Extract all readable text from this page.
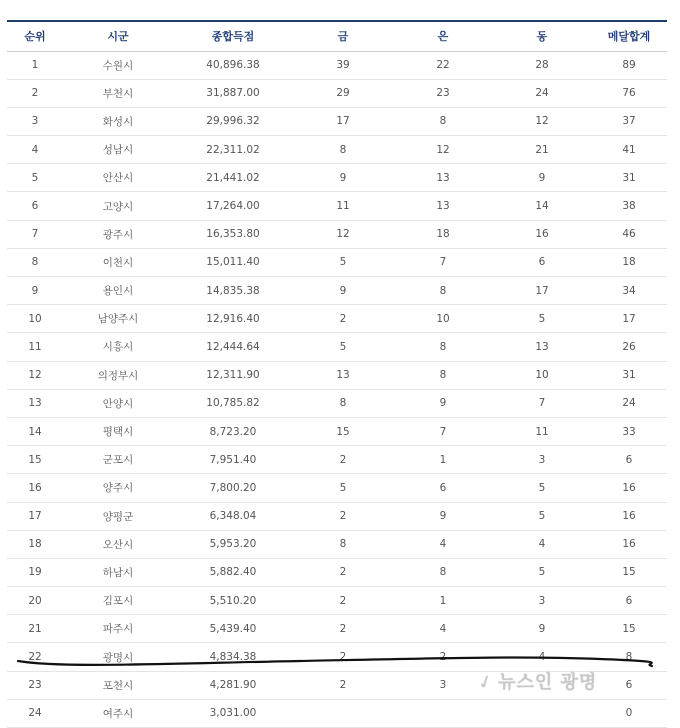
순위	시군	종합득점	금	은	동	메달합계
1	수원시	40,896.38	39	22	28	89
2	부천시	31,887.00	29	23	24	76
3	화성시	29,996.32	17	8	12	37
4	성남시	22,311.02	8	12	21	41
5	안산시	21,441.02	9	13	9	31
6	고양시	17,264.00	11	13	14	38
7	광주시	16,353.80	12	18	16	46
8	이천시	15,011.40	5	7	6	18
9	용인시	14,835.38	9	8	17	34
10	남양주시	12,916.40	2	10	5	17
11	시흥시	12,444.64	5	8	13	26
12	의정부시	12,311.90	13	8	10	31
13	안양시	10,785.82	8	9	7	24
14	평택시	8,723.20	15	7	11	33
15	군포시	7,951.40	2	1	3	6
16	양주시	7,800.20	5	6	5	16
17	양평군	6,348.04	2	9	5	16
18	오산시	5,953.20	8	4	4	16
19	하남시	5,882.40	2	8	5	15
20	김포시	5,510.20	2	1	3	6
21	파주시	5,439.40	2	4	9	15
22	광명시	4,834.38	2	2	4	8
23	포천시	4,281.90	2	3		6
24	여주시	3,031.00				0
✓뉴스인 광명
